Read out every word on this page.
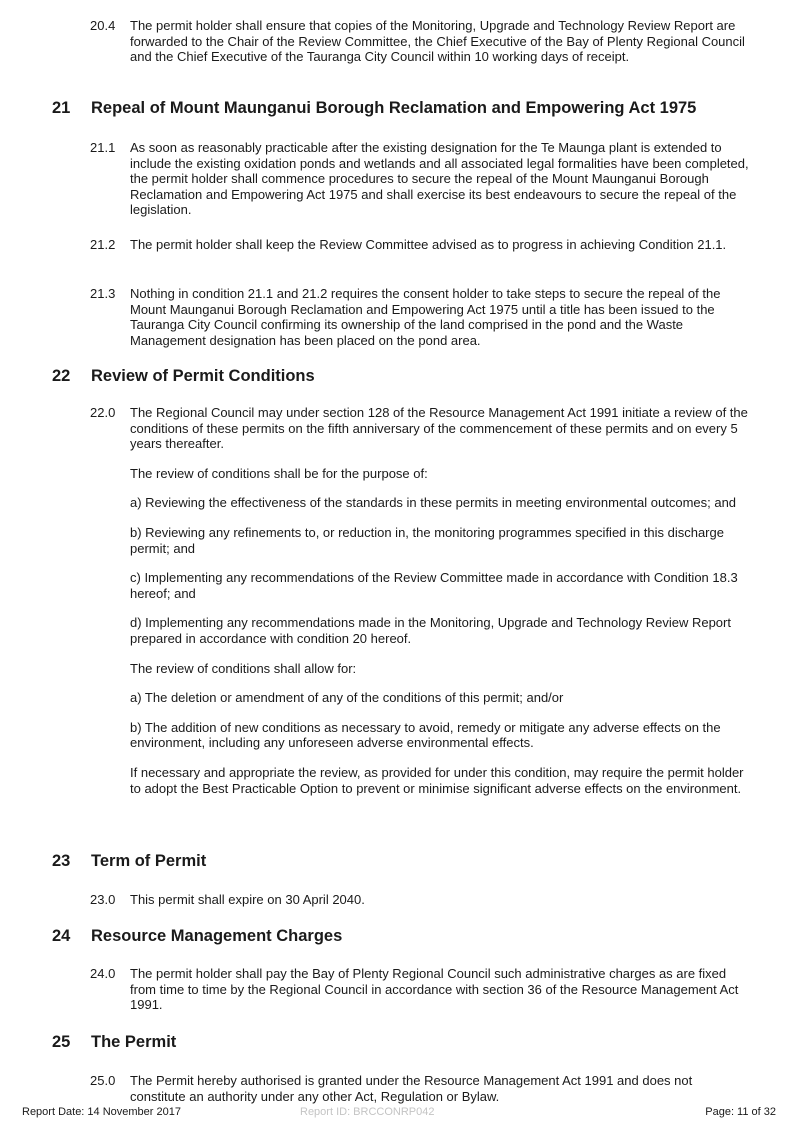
20.4	The permit holder shall ensure that copies of the Monitoring, Upgrade and Technology Review Report are forwarded to the Chair of the Review Committee, the Chief Executive of the Bay of Plenty Regional Council and the Chief Executive of the Tauranga City Council within 10 working days of receipt.

21 Repeal of Mount Maunganui Borough Reclamation and Empowering Act 1975
21.1	As soon as reasonably practicable after the existing designation for the Te Maunga plant is extended to include the existing oxidation ponds and wetlands and all associated legal formalities have been completed, the permit holder shall commence procedures to secure the repeal of the Mount Maunganui Borough Reclamation and Empowering Act 1975 and shall exercise its best endeavours to secure the repeal of the legislation.

21.2	The permit holder shall keep the Review Committee advised as to progress in achieving Condition 21.1.

21.3	Nothing in condition 21.1 and 21.2 requires the consent holder to take steps to secure the repeal of the Mount Maunganui Borough Reclamation and Empowering Act 1975 until a title has been issued to the Tauranga City Council confirming its ownership of the land comprised in the pond and the Waste Management designation has been placed on the pond area.

22 Review of Permit Conditions
22.0	The Regional Council may under section 128 of the Resource Management Act 1991 initiate a review of the conditions of these permits on the fifth anniversary of the commencement of these permits and on every 5 years thereafter.

The review of conditions shall be for the purpose of:

a) Reviewing the effectiveness of the standards in these permits in meeting environmental outcomes; and

b) Reviewing any refinements to, or reduction in, the monitoring programmes specified in this discharge permit; and

c) Implementing any recommendations of the Review Committee made in accordance with Condition 18.3 hereof; and

d) Implementing any recommendations made in the Monitoring, Upgrade and Technology Review Report prepared in accordance with condition 20 hereof.

The review of conditions shall allow for:

a) The deletion or amendment of any of the conditions of this permit; and/or

b) The addition of new conditions as necessary to avoid, remedy or mitigate any adverse effects on the environment, including any unforeseen adverse environmental effects.

If necessary and appropriate the review, as provided for under this condition, may require the permit holder to adopt the Best Practicable Option to prevent or minimise significant adverse effects on the environment.

23 Term of Permit
23.0	This permit shall expire on 30 April 2040.

24 Resource Management Charges
24.0	The permit holder shall pay the Bay of Plenty Regional Council such administrative charges as are fixed from time to time by the Regional Council in accordance with section 36 of the Resource Management Act 1991.

25 The Permit
25.0	The Permit hereby authorised is granted under the Resource Management Act 1991 and does not constitute an authority under any other Act, Regulation or Bylaw.

Report Date: 14 November 2017	Report ID: BRCCONRP042	Page: 11 of 32
